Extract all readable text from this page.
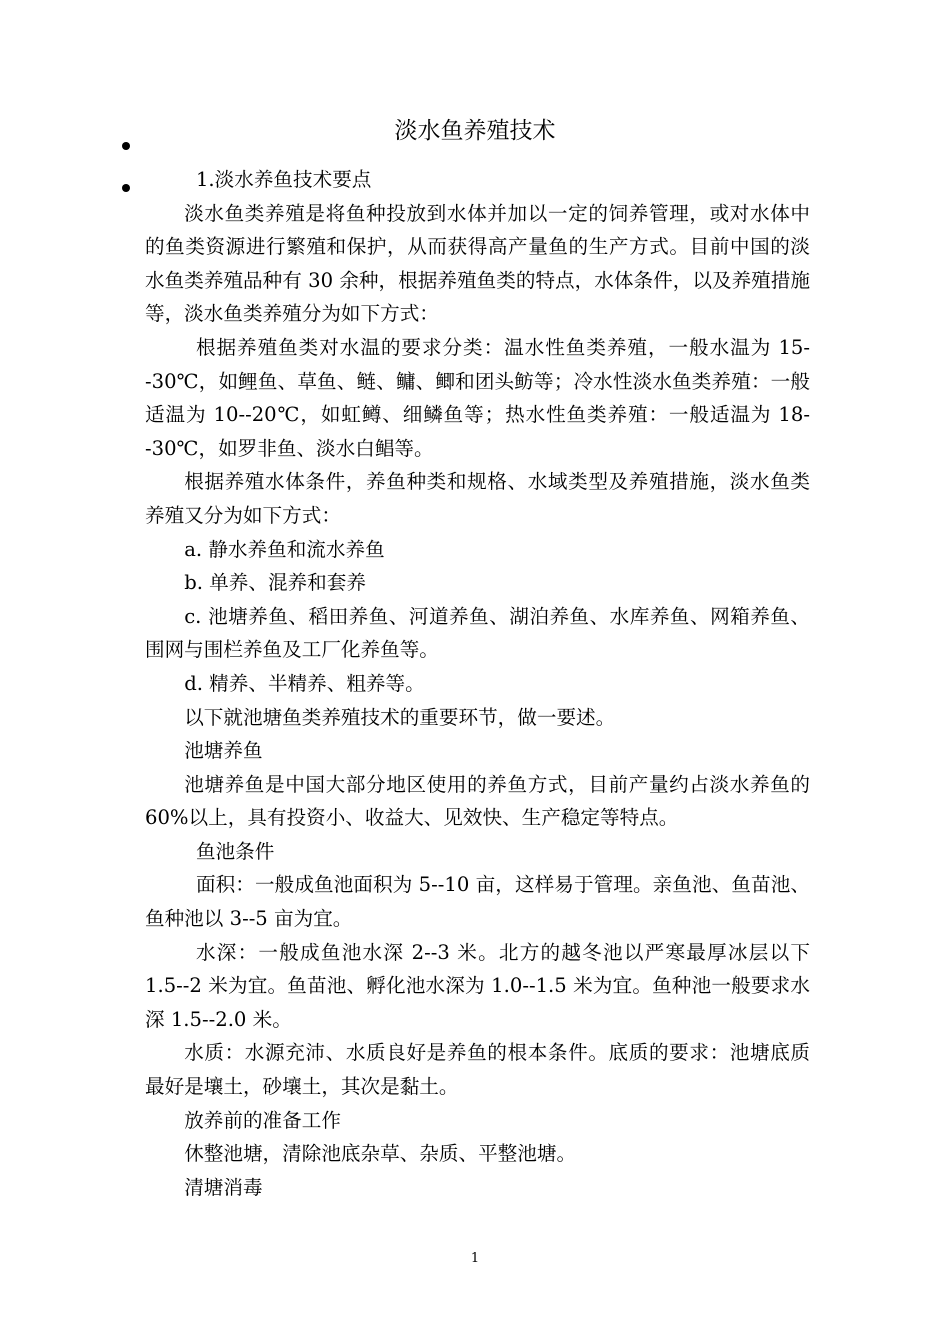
淡水鱼养殖技术

1.淡水养鱼技术要点

淡水鱼类养殖是将鱼种投放到水体并加以一定的饲养管理，或对水体中的鱼类资源进行繁殖和保护，从而获得高产量鱼的生产方式。目前中国的淡水鱼类养殖品种有 30 余种，根据养殖鱼类的特点，水体条件，以及养殖措施等，淡水鱼类养殖分为如下方式：

根据养殖鱼类对水温的要求分类：温水性鱼类养殖，一般水温为 15--30℃，如鲤鱼、草鱼、鲢、鳙、鲫和团头鲂等；冷水性淡水鱼类养殖：一般适温为 10--20℃，如虹鳟、细鳞鱼等；热水性鱼类养殖：一般适温为 18--30℃，如罗非鱼、淡水白鲳等。

根据养殖水体条件，养鱼种类和规格、水域类型及养殖措施，淡水鱼类养殖又分为如下方式：

a. 静水养鱼和流水养鱼

b. 单养、混养和套养

c. 池塘养鱼、稻田养鱼、河道养鱼、湖泊养鱼、水库养鱼、网箱养鱼、围网与围栏养鱼及工厂化养鱼等。

d. 精养、半精养、粗养等。

以下就池塘鱼类养殖技术的重要环节，做一要述。

池塘养鱼

池塘养鱼是中国大部分地区使用的养鱼方式，目前产量约占淡水养鱼的 60%以上，具有投资小、收益大、见效快、生产稳定等特点。

鱼池条件

面积：一般成鱼池面积为 5--10 亩，这样易于管理。亲鱼池、鱼苗池、鱼种池以 3--5 亩为宜。

水深：一般成鱼池水深 2--3 米。北方的越冬池以严寒最厚冰层以下 1.5--2 米为宜。鱼苗池、孵化池水深为 1.0--1.5 米为宜。鱼种池一般要求水深 1.5--2.0 米。

水质：水源充沛、水质良好是养鱼的根本条件。底质的要求：池塘底质最好是壤土，砂壤土，其次是黏土。

放养前的准备工作

休整池塘，清除池底杂草、杂质、平整池塘。

清塘消毒

1
